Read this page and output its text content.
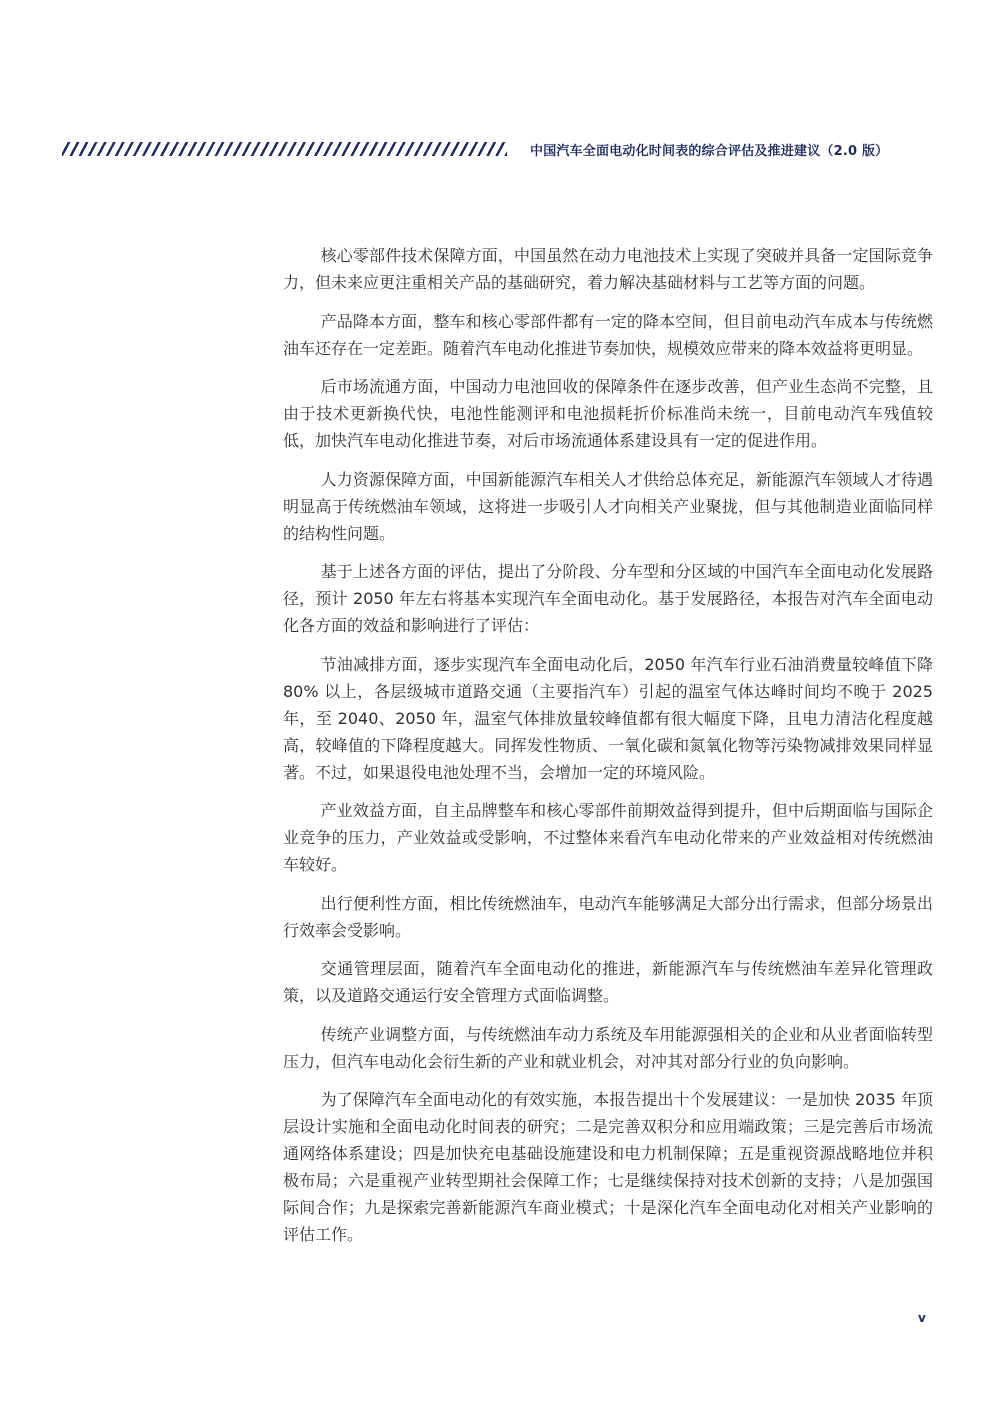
中国汽车全面电动化时间表的综合评估及推进建议（2.0 版）

核心零部件技术保障方面，中国虽然在动力电池技术上实现了突破并具备一定国际竞争力，但未来应更注重相关产品的基础研究，着力解决基础材料与工艺等方面的问题。

产品降本方面，整车和核心零部件都有一定的降本空间，但目前电动汽车成本与传统燃油车还存在一定差距。随着汽车电动化推进节奏加快，规模效应带来的降本效益将更明显。

后市场流通方面，中国动力电池回收的保障条件在逐步改善，但产业生态尚不完整，且由于技术更新换代快，电池性能测评和电池损耗折价标准尚未统一，目前电动汽车残值较低，加快汽车电动化推进节奏，对后市场流通体系建设具有一定的促进作用。

人力资源保障方面，中国新能源汽车相关人才供给总体充足，新能源汽车领域人才待遇明显高于传统燃油车领域，这将进一步吸引人才向相关产业聚拢，但与其他制造业面临同样的结构性问题。

基于上述各方面的评估，提出了分阶段、分车型和分区域的中国汽车全面电动化发展路径，预计 2050 年左右将基本实现汽车全面电动化。基于发展路径，本报告对汽车全面电动化各方面的效益和影响进行了评估：

节油减排方面，逐步实现汽车全面电动化后，2050 年汽车行业石油消费量较峰值下降 80% 以上，各层级城市道路交通（主要指汽车）引起的温室气体达峰时间均不晚于 2025 年，至 2040、2050 年，温室气体排放量较峰值都有很大幅度下降，且电力清洁化程度越高，较峰值的下降程度越大。同挥发性物质、一氧化碳和氮氧化物等污染物减排效果同样显著。不过，如果退役电池处理不当，会增加一定的环境风险。

产业效益方面，自主品牌整车和核心零部件前期效益得到提升，但中后期面临与国际企业竞争的压力，产业效益或受影响，不过整体来看汽车电动化带来的产业效益相对传统燃油车较好。

出行便利性方面，相比传统燃油车，电动汽车能够满足大部分出行需求，但部分场景出行效率会受影响。

交通管理层面，随着汽车全面电动化的推进，新能源汽车与传统燃油车差异化管理政策，以及道路交通运行安全管理方式面临调整。

传统产业调整方面，与传统燃油车动力系统及车用能源强相关的企业和从业者面临转型压力，但汽车电动化会衍生新的产业和就业机会，对冲其对部分行业的负向影响。

为了保障汽车全面电动化的有效实施，本报告提出十个发展建议：一是加快 2035 年顶层设计实施和全面电动化时间表的研究；二是完善双积分和应用端政策；三是完善后市场流通网络体系建设；四是加快充电基础设施建设和电力机制保障；五是重视资源战略地位并积极布局；六是重视产业转型期社会保障工作；七是继续保持对技术创新的支持；八是加强国际间合作；九是探索完善新能源汽车商业模式；十是深化汽车全面电动化对相关产业影响的评估工作。

v
